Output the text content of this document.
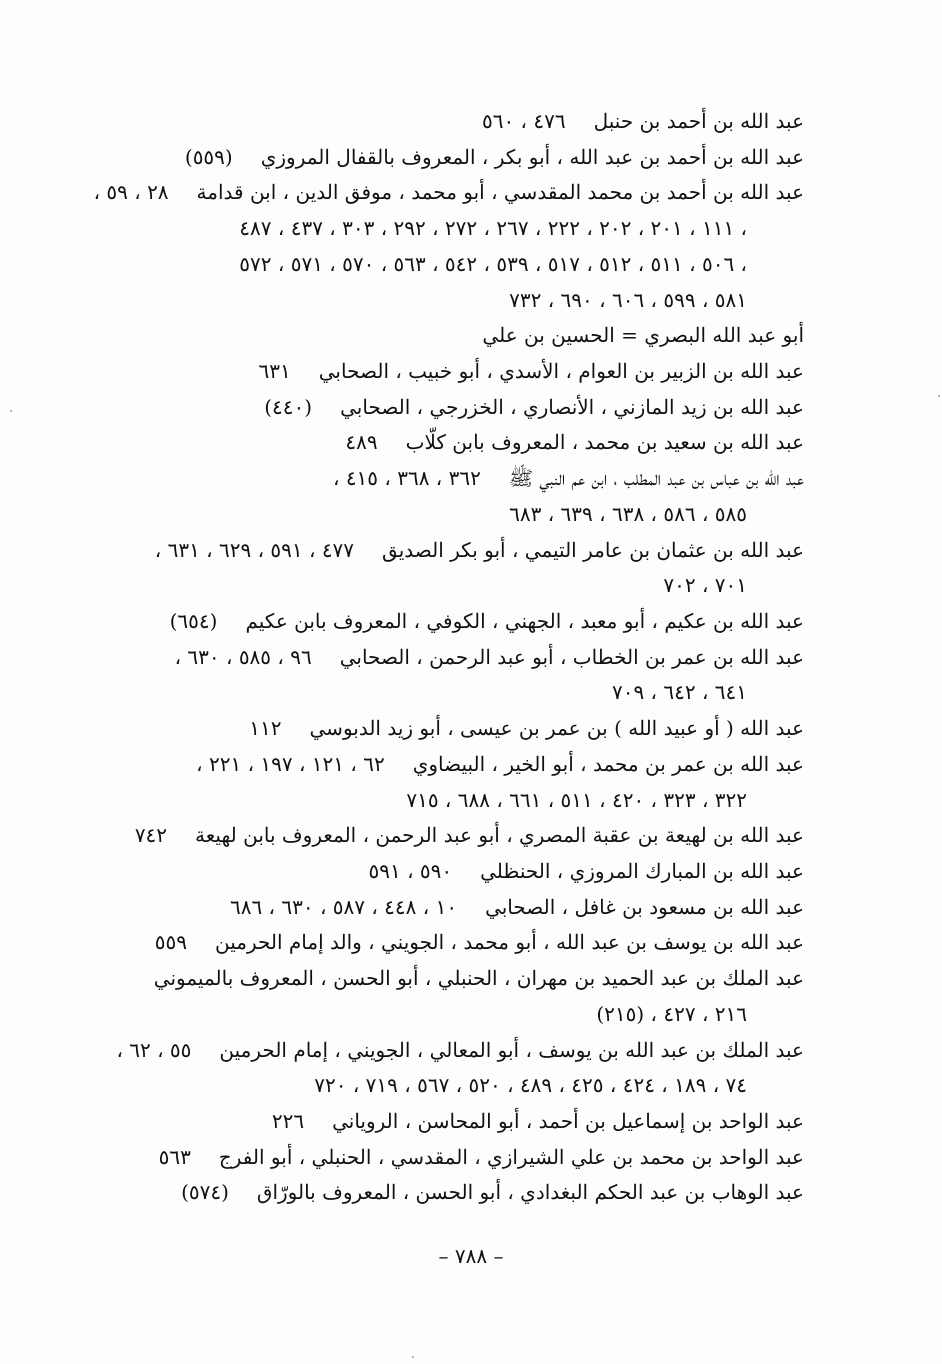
عبد الله بن أحمد بن حنبل٤٧٦ ، ٥٦٠
عبد الله بن أحمد بن عبد الله ، أبو بكر ، المعروف بالقفال المروزي(٥٥٩)
عبد الله بن أحمد بن محمد المقدسي ، أبو محمد ، موفق الدين ، ابن قدامة٢٨ ، ٥٩ ،
١١١ ، ٢٠١ ، ٢٠٢ ، ٢٢٢ ، ٢٦٧ ، ٢٧٢ ، ٢٩٢ ، ٣٠٣ ، ٤٣٧ ، ٤٨٧ ،
٥٠٦ ، ٥١١ ، ٥١٢ ، ٥١٧ ، ٥٣٩ ، ٥٤٢ ، ٥٦٣ ، ٥٧٠ ، ٥٧١ ، ٥٧٢ ،
٥٨١ ، ٥٩٩ ، ٦٠٦ ، ٦٩٠ ، ٧٣٢
أبو عبد الله البصري = الحسين بن علي
عبد الله بن الزبير بن العوام ، الأسدي ، أبو خبيب ، الصحابي٦٣١
عبد الله بن زيد المازني ، الأنصاري ، الخزرجي ، الصحابي(٤٤٠)
عبد الله بن سعيد بن محمد ، المعروف بابن كلّاب٤٨٩
عبد الله بن عباس بن عبد المطلب ، ابن عم النبي ﷺ٣٦٢ ، ٣٦٨ ، ٤١٥ ،
٥٨٥ ، ٥٨٦ ، ٦٣٨ ، ٦٣٩ ، ٦٨٣
عبد الله بن عثمان بن عامر التيمي ، أبو بكر الصديق٤٧٧ ، ٥٩١ ، ٦٢٩ ، ٦٣١ ،
٧٠١ ، ٧٠٢
عبد الله بن عكيم ، أبو معبد ، الجهني ، الكوفي ، المعروف بابن عكيم(٦٥٤)
عبد الله بن عمر بن الخطاب ، أبو عبد الرحمن ، الصحابي٩٦ ، ٥٨٥ ، ٦٣٠ ،
٦٤١ ، ٦٤٢ ، ٧٠٩
عبد الله ( أو عبيد الله ) بن عمر بن عيسى ، أبو زيد الدبوسي١١٢
عبد الله بن عمر بن محمد ، أبو الخير ، البيضاوي٦٢ ، ١٢١ ، ١٩٧ ، ٢٢١ ،
٣٢٢ ، ٣٢٣ ، ٤٢٠ ، ٥١١ ، ٦٦١ ، ٦٨٨ ، ٧١٥
عبد الله بن لهيعة بن عقبة المصري ، أبو عبد الرحمن ، المعروف بابن لهيعة٧٤٢
عبد الله بن المبارك المروزي ، الحنظلي٥٩٠ ، ٥٩١
عبد الله بن مسعود بن غافل ، الصحابي١٠ ، ٤٤٨ ، ٥٨٧ ، ٦٣٠ ، ٦٨٦
عبد الله بن يوسف بن عبد الله ، أبو محمد ، الجويني ، والد إمام الحرمين٥٥٩
عبد الملك بن عبد الحميد بن مهران ، الحنبلي ، أبو الحسن ، المعروف بالميموني
(٢١٥) ، ٢١٦ ، ٤٢٧
عبد الملك بن عبد الله بن يوسف ، أبو المعالي ، الجويني ، إمام الحرمين٥٥ ، ٦٢ ،
٧٤ ، ١٨٩ ، ٤٢٤ ، ٤٢٥ ، ٤٨٩ ، ٥٢٠ ، ٥٦٧ ، ٧١٩ ، ٧٢٠
عبد الواحد بن إسماعيل بن أحمد ، أبو المحاسن ، الروياني٢٢٦
عبد الواحد بن محمد بن علي الشيرازي ، المقدسي ، الحنبلي ، أبو الفرج٥٦٣
عبد الوهاب بن عبد الحكم البغدادي ، أبو الحسن ، المعروف بالورّاق(٥٧٤)
– ٧٨٨ –
